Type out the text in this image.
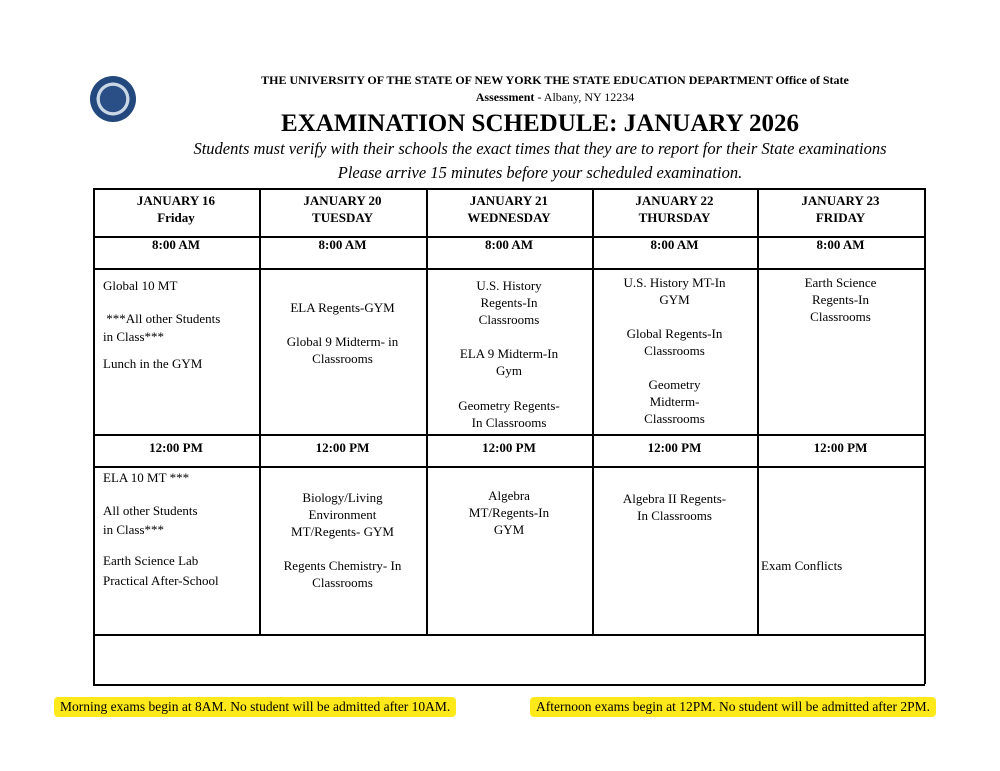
THE UNIVERSITY OF THE STATE OF NEW YORK THE STATE EDUCATION DEPARTMENT Office of State
Assessment - Albany, NY 12234
EXAMINATION SCHEDULE: JANUARY 2026
Students must verify with their schools the exact times that they are to report for their State examinations
Please arrive 15 minutes before your scheduled examination.
JANUARY 16
Friday
8:00 AM
12:00 PM
JANUARY 20
TUESDAY
8:00 AM
12:00 PM
JANUARY 21
WEDNESDAY
8:00 AM
12:00 PM
JANUARY 22
THURSDAY
8:00 AM
12:00 PM
JANUARY 23
FRIDAY
8:00 AM
12:00 PM
Global 10 MT
***All other Students
in Class***
Lunch in the GYM
ELA Regents-GYM
Global 9 Midterm- in
Classrooms
U.S. History
Regents-In
Classrooms
ELA 9 Midterm-In
Gym
Geometry Regents-
In Classrooms
U.S. History MT-In
GYM
Global Regents-In
Classrooms
Geometry
Midterm-
Classrooms
Earth Science
Regents-In
Classrooms
ELA 10 MT ***
All other Students
in Class***
Earth Science Lab
Practical After-School
Biology/Living
Environment
MT/Regents- GYM
Regents Chemistry- In
Classrooms
Algebra
MT/Regents-In
GYM
Algebra II Regents-
In Classrooms
Exam Conflicts
Morning exams begin at 8AM. No student will be admitted after 10AM.	Afternoon exams begin at 12PM. No student will be admitted after 2PM.
